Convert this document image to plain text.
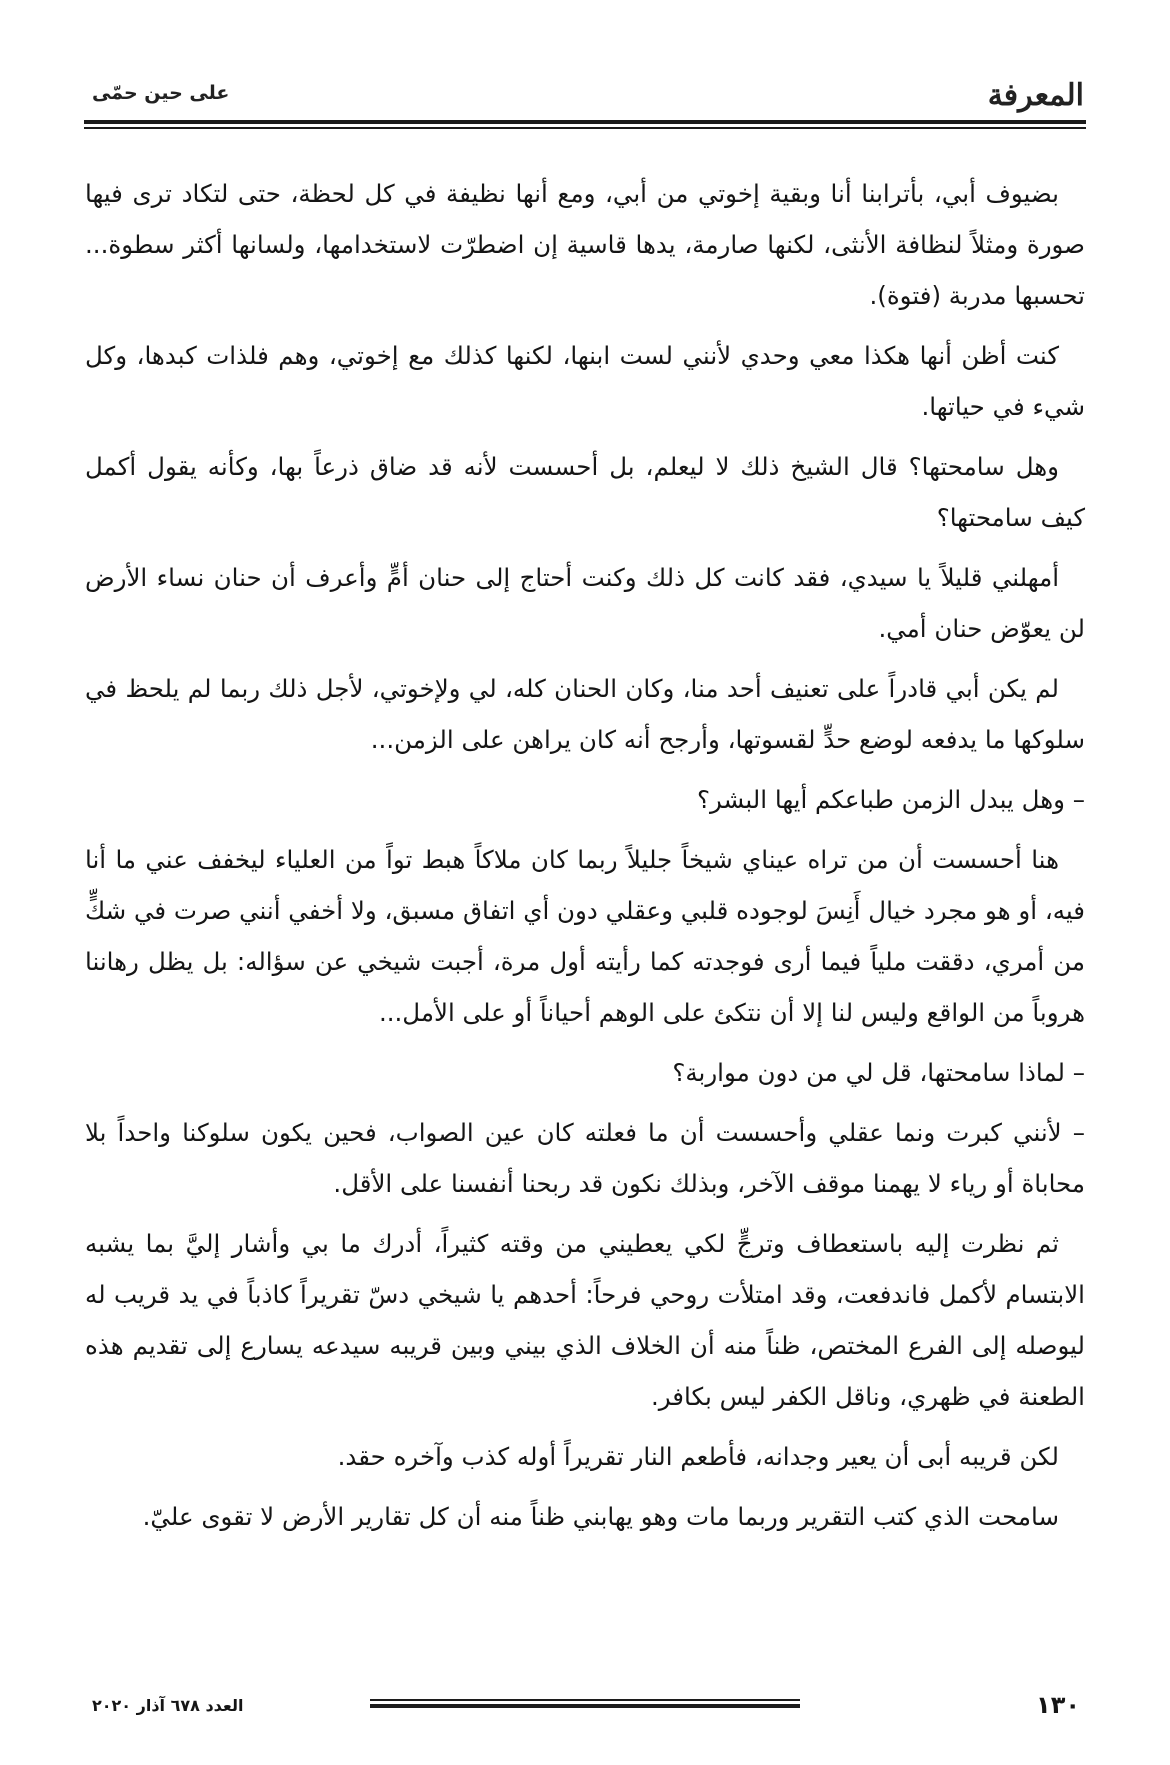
المعرفة
على حين حمّى

بضيوف أبي، بأترابنا أنا وبقية إخوتي من أبي، ومع أنها نظيفة في كل لحظة، حتى لتكاد ترى فيها صورة ومثلاً لنظافة الأنثى، لكنها صارمة، يدها قاسية إن اضطرّت لاستخدامها، ولسانها أكثر سطوة... تحسبها مدربة (فتوة).

كنت أظن أنها هكذا معي وحدي لأنني لست ابنها، لكنها كذلك مع إخوتي، وهم فلذات كبدها، وكل شيء في حياتها.

وهل سامحتها؟ قال الشيخ ذلك لا ليعلم، بل أحسست لأنه قد ضاق ذرعاً بها، وكأنه يقول أكمل كيف سامحتها؟

أمهلني قليلاً يا سيدي، فقد كانت كل ذلك وكنت أحتاج إلى حنان أمٍّ وأعرف أن حنان نساء الأرض لن يعوّض حنان أمي.

لم يكن أبي قادراً على تعنيف أحد منا، وكان الحنان كله، لي ولإخوتي، لأجل ذلك ربما لم يلحظ في سلوكها ما يدفعه لوضع حدٍّ لقسوتها، وأرجح أنه كان يراهن على الزمن...

– وهل يبدل الزمن طباعكم أيها البشر؟

هنا أحسست أن من تراه عيناي شيخاً جليلاً ربما كان ملاكاً هبط تواً من العلياء ليخفف عني ما أنا فيه، أو هو مجرد خيال أَنِسَ لوجوده قلبي وعقلي دون أي اتفاق مسبق، ولا أخفي أنني صرت في شكٍّ من أمري، دققت ملياً فيما أرى فوجدته كما رأيته أول مرة، أجبت شيخي عن سؤاله: بل يظل رهاننا هروباً من الواقع وليس لنا إلا أن نتكئ على الوهم أحياناً أو على الأمل...

– لماذا سامحتها، قل لي من دون مواربة؟

– لأنني كبرت ونما عقلي وأحسست أن ما فعلته كان عين الصواب، فحين يكون سلوكنا واحداً بلا محاباة أو رياء لا يهمنا موقف الآخر، وبذلك نكون قد ربحنا أنفسنا على الأقل.

ثم نظرت إليه باستعطاف وترجٍّ لكي يعطيني من وقته كثيراً، أدرك ما بي وأشار إليَّ بما يشبه الابتسام لأكمل فاندفعت، وقد امتلأت روحي فرحاً: أحدهم يا شيخي دسّ تقريراً كاذباً في يد قريب له ليوصله إلى الفرع المختص، ظناً منه أن الخلاف الذي بيني وبين قريبه سيدعه يسارع إلى تقديم هذه الطعنة في ظهري، وناقل الكفر ليس بكافر.

لكن قريبه أبى أن يعير وجدانه، فأطعم النار تقريراً أوله كذب وآخره حقد.

سامحت الذي كتب التقرير وربما مات وهو يهابني ظناً منه أن كل تقارير الأرض لا تقوى عليّ.

١٣٠
العدد ٦٧٨ آذار ٢٠٢٠
